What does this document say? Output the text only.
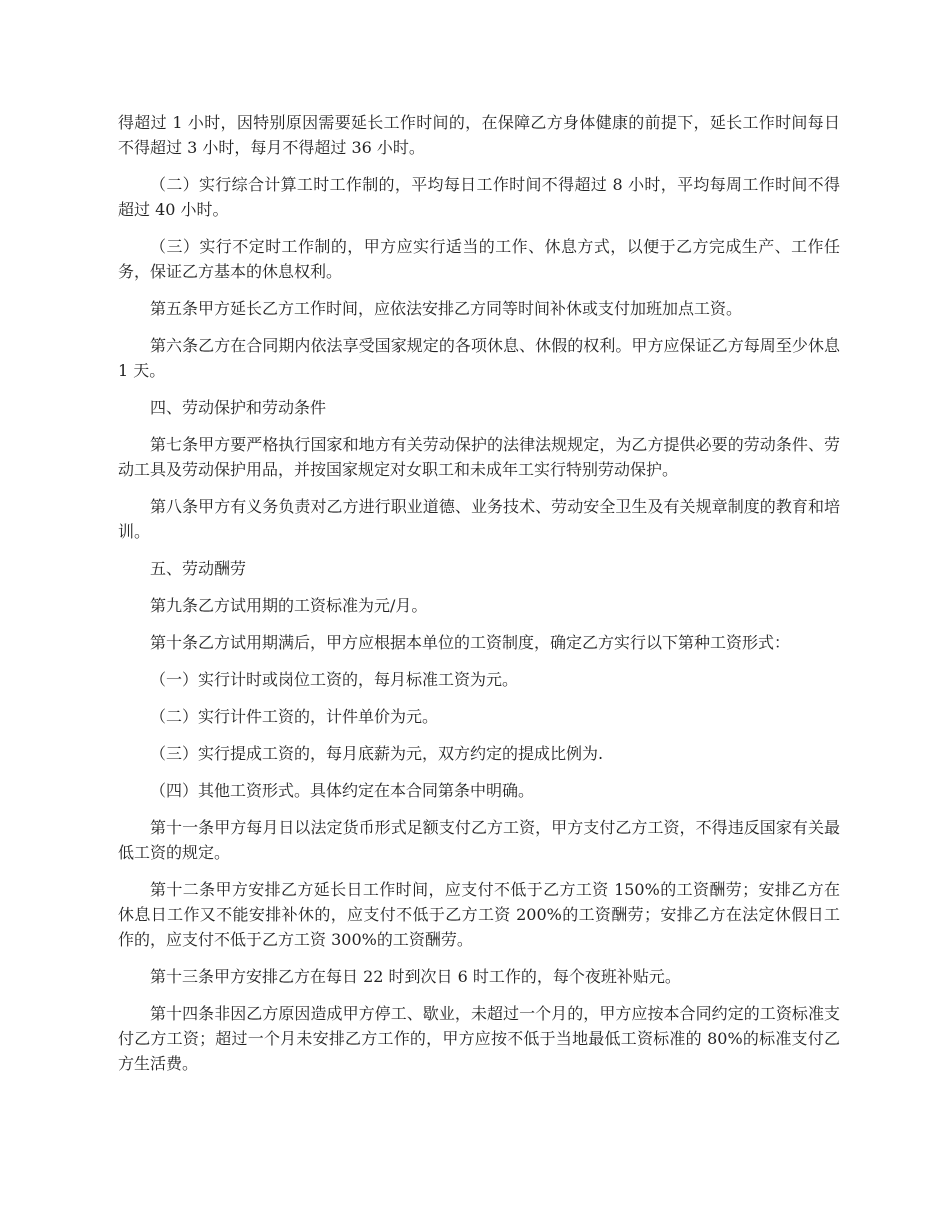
得超过 1 小时，因特别原因需要延长工作时间的，在保障乙方身体健康的前提下，延长工作时间每日不得超过 3 小时，每月不得超过 36 小时。

（二）实行综合计算工时工作制的，平均每日工作时间不得超过 8 小时，平均每周工作时间不得超过 40 小时。

（三）实行不定时工作制的，甲方应实行适当的工作、休息方式，以便于乙方完成生产、工作任务，保证乙方基本的休息权利。

第五条甲方延长乙方工作时间，应依法安排乙方同等时间补休或支付加班加点工资。

第六条乙方在合同期内依法享受国家规定的各项休息、休假的权利。甲方应保证乙方每周至少休息 1 天。

四、劳动保护和劳动条件

第七条甲方要严格执行国家和地方有关劳动保护的法律法规规定，为乙方提供必要的劳动条件、劳动工具及劳动保护用品，并按国家规定对女职工和未成年工实行特别劳动保护。

第八条甲方有义务负责对乙方进行职业道德、业务技术、劳动安全卫生及有关规章制度的教育和培训。

五、劳动酬劳

第九条乙方试用期的工资标准为元/月。

第十条乙方试用期满后，甲方应根据本单位的工资制度，确定乙方实行以下第种工资形式：

（一）实行计时或岗位工资的，每月标准工资为元。

（二）实行计件工资的，计件单价为元。

（三）实行提成工资的，每月底薪为元，双方约定的提成比例为.

（四）其他工资形式。具体约定在本合同第条中明确。

第十一条甲方每月日以法定货币形式足额支付乙方工资，甲方支付乙方工资，不得违反国家有关最低工资的规定。

第十二条甲方安排乙方延长日工作时间，应支付不低于乙方工资 150%的工资酬劳；安排乙方在休息日工作又不能安排补休的，应支付不低于乙方工资 200%的工资酬劳；安排乙方在法定休假日工作的，应支付不低于乙方工资 300%的工资酬劳。

第十三条甲方安排乙方在每日 22 时到次日 6 时工作的，每个夜班补贴元。

第十四条非因乙方原因造成甲方停工、歇业，未超过一个月的，甲方应按本合同约定的工资标准支付乙方工资；超过一个月未安排乙方工作的，甲方应按不低于当地最低工资标准的 80%的标准支付乙方生活费。
